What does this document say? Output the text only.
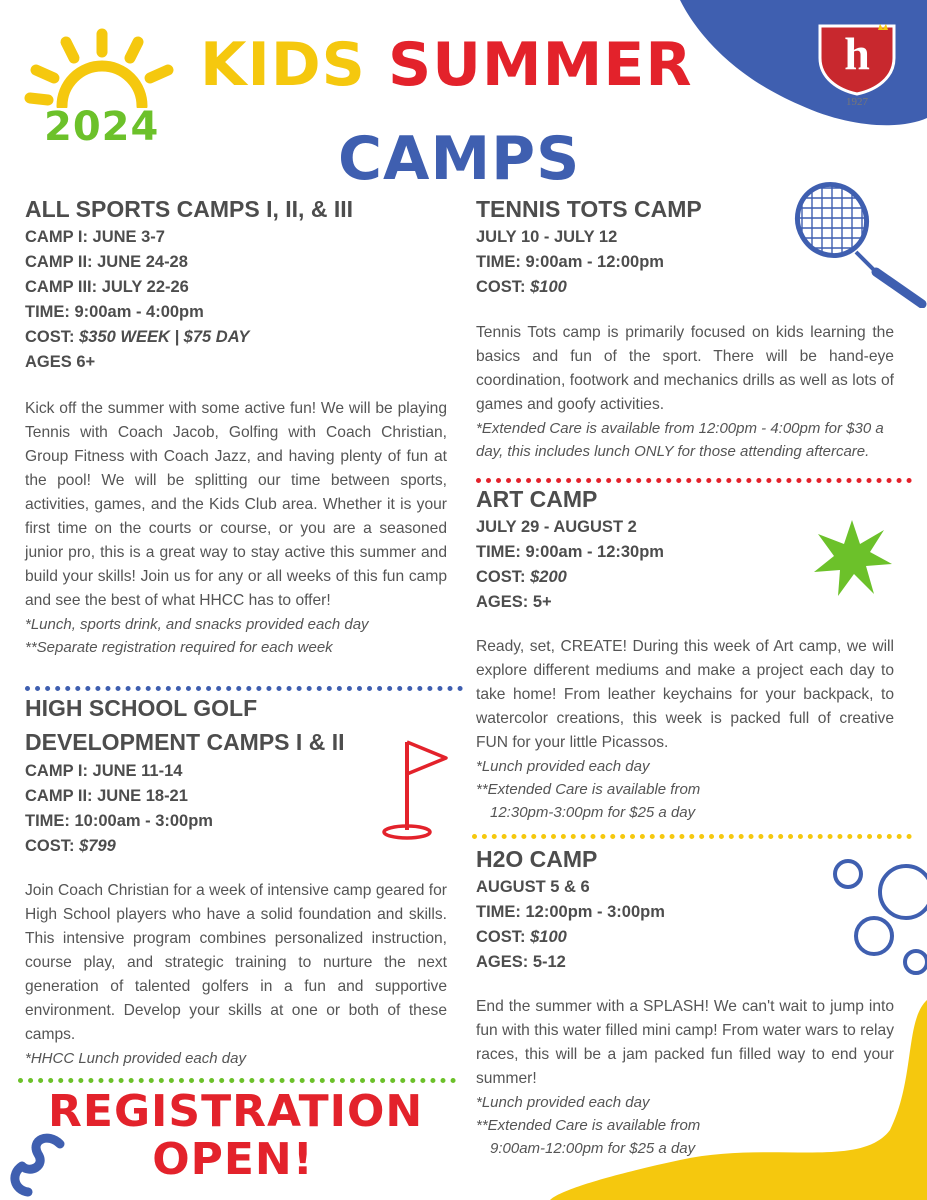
2024
KIDS SUMMER
CAMPS
h
1927
ALL SPORTS CAMPS I, II, & III
CAMP I: JUNE 3-7
CAMP II: JUNE 24-28
CAMP III: JULY 22-26
TIME: 9:00am - 4:00pm
COST: $350 WEEK | $75 DAY
AGES 6+

Kick off the summer with some active fun! We will be playing Tennis with Coach Jacob, Golfing with Coach Christian, Group Fitness with Coach Jazz, and having plenty of fun at the pool! We will be splitting our time between sports, activities, games, and the Kids Club area. Whether it is your first time on the courts or course, or you are a seasoned junior pro, this is a great way to stay active this summer and build your skills! Join us for any or all weeks of this fun camp and see the best of what HHCC has to offer!

*Lunch, sports drink, and snacks provided each day
**Separate registration required for each week
HIGH SCHOOL GOLF
DEVELOPMENT CAMPS I & II
CAMP I: JUNE 11-14
CAMP II: JUNE 18-21
TIME: 10:00am - 3:00pm
COST: $799

Join Coach Christian for a week of intensive camp geared for High School players who have a solid foundation and skills. This intensive program combines personalized instruction, course play, and strategic training to nurture the next generation of talented golfers in a fun and supportive environment. Develop your skills at one or both of these camps.

*HHCC Lunch provided each day
REGISTRATION
OPEN!
TENNIS TOTS CAMP
JULY 10 - JULY 12
TIME: 9:00am - 12:00pm
COST: $100

Tennis Tots camp is primarily focused on kids learning the basics and fun of the sport. There will be hand-eye coordination, footwork and mechanics drills as well as lots of games and goofy activities.

*Extended Care is available from 12:00pm - 4:00pm for $30 a day, this includes lunch ONLY for those attending aftercare.
ART CAMP
JULY 29 - AUGUST 2
TIME: 9:00am - 12:30pm
COST: $200
AGES: 5+

Ready, set, CREATE! During this week of Art camp, we will explore different mediums and make a project each day to take home! From leather keychains for your backpack, to watercolor creations, this week is packed full of creative FUN for your little Picassos.

*Lunch provided each day
**Extended Care is available from
12:30pm-3:00pm for $25 a day
H2O CAMP
AUGUST 5 & 6
TIME: 12:00pm - 3:00pm
COST: $100
AGES: 5-12

End the summer with a SPLASH! We can't wait to jump into fun with this water filled mini camp! From water wars to relay races, this will be a jam packed fun filled way to end your summer!

*Lunch provided each day
**Extended Care is available from
9:00am-12:00pm for $25 a day
